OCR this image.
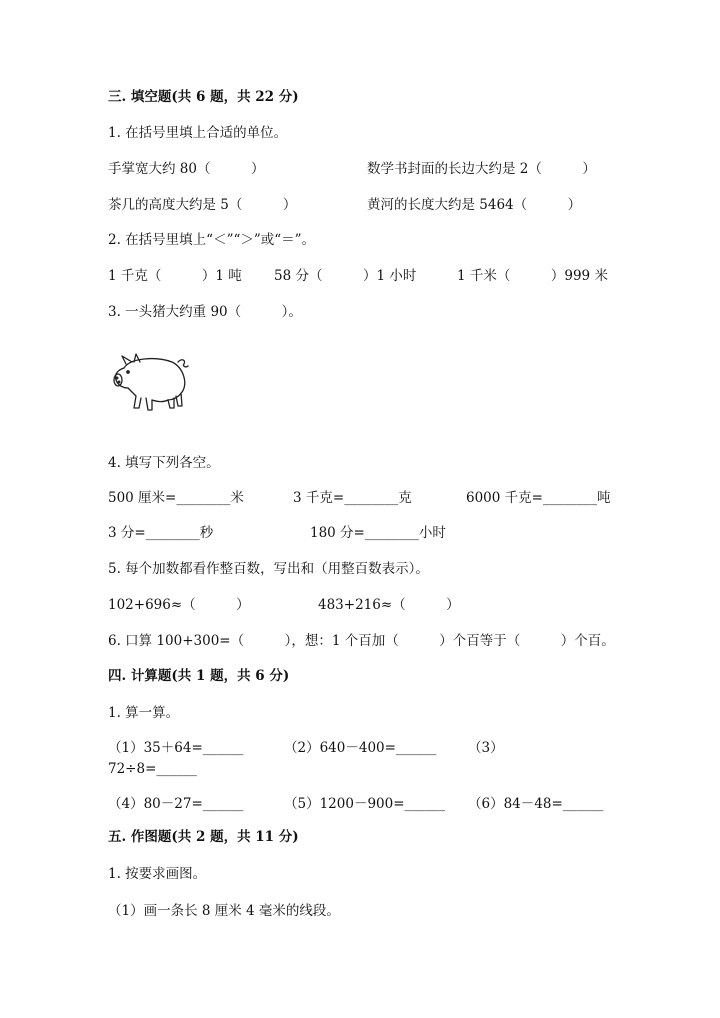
三. 填空题(共 6 题，共 22 分)
1. 在括号里填上合适的单位。
手掌宽大约 80（　　　）	数学书封面的长边大约是 2（　　　）
茶几的高度大约是 5（　　　）	黄河的长度大约是 5464（　　　）
2. 在括号里填上“＜”“＞”或“＝”。
1 千克（　　　）1 吨 58 分（　　　）1 小时	1 千米（　　　）999 米
3. 一头猪大约重 90（　　　）。
4. 填写下列各空。
500 厘米=________米	3 千克=________克	6000 千克=________吨
3 分=________秒	180 分=________小时
5. 每个加数都看作整百数，写出和（用整百数表示）。
102+696≈（　　　）	483+216≈（　　　）
6. 口算 100+300=（　　　），想：1 个百加（　　　）个百等于（　　　）个百。
四. 计算题(共 1 题，共 6 分)
1. 算一算。
（1）35＋64=______	（2）640－400=______ （3）
72÷8=______
（4）80－27=______	（5）1200－900=______ （6）84－48=______
五. 作图题(共 2 题，共 11 分)
1. 按要求画图。
（1）画一条长 8 厘米 4 毫米的线段。
